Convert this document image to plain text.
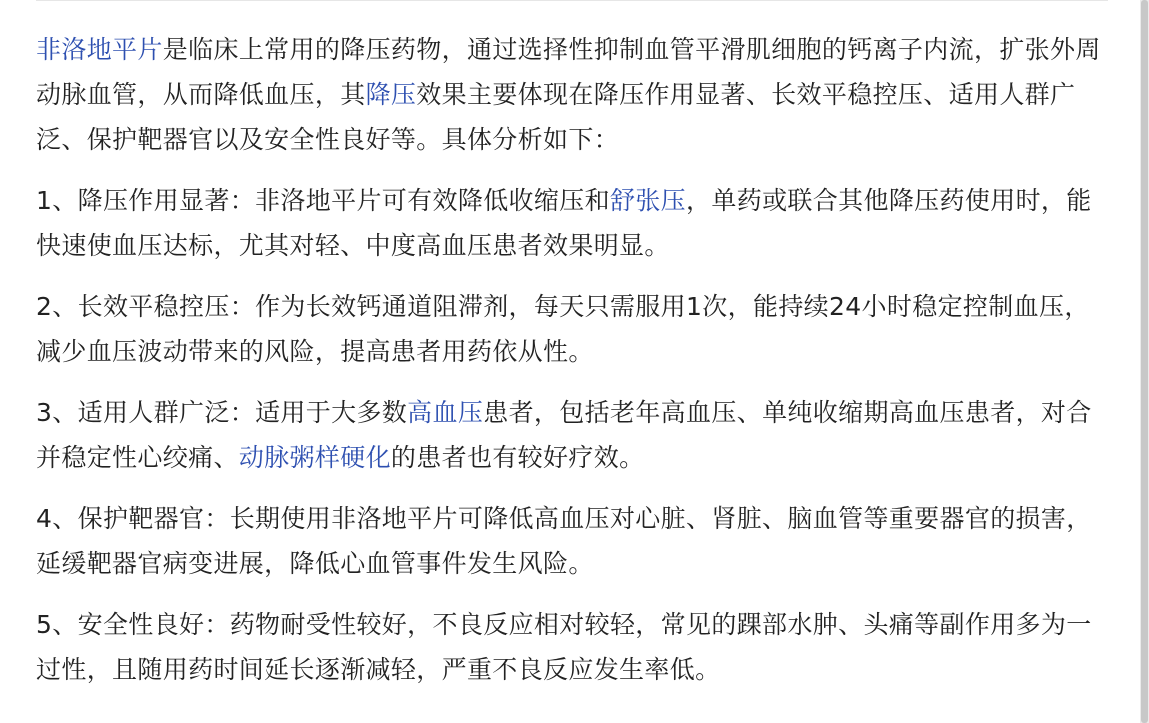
非洛地平片是临床上常用的降压药物，通过选择性抑制血管平滑肌细胞的钙离子内流，扩张外周动脉血管，从而降低血压，其降压效果主要体现在降压作用显著、长效平稳控压、适用人群广泛、保护靶器官以及安全性良好等。具体分析如下：

1、降压作用显著：非洛地平片可有效降低收缩压和舒张压，单药或联合其他降压药使用时，能快速使血压达标，尤其对轻、中度高血压患者效果明显。

2、长效平稳控压：作为长效钙通道阻滞剂，每天只需服用1次，能持续24小时稳定控制血压，减少血压波动带来的风险，提高患者用药依从性。

3、适用人群广泛：适用于大多数高血压患者，包括老年高血压、单纯收缩期高血压患者，对合并稳定性心绞痛、动脉粥样硬化的患者也有较好疗效。

4、保护靶器官：长期使用非洛地平片可降低高血压对心脏、肾脏、脑血管等重要器官的损害，延缓靶器官病变进展，降低心血管事件发生风险。

5、安全性良好：药物耐受性较好，不良反应相对较轻，常见的踝部水肿、头痛等副作用多为一过性，且随用药时间延长逐渐减轻，严重不良反应发生率低。
